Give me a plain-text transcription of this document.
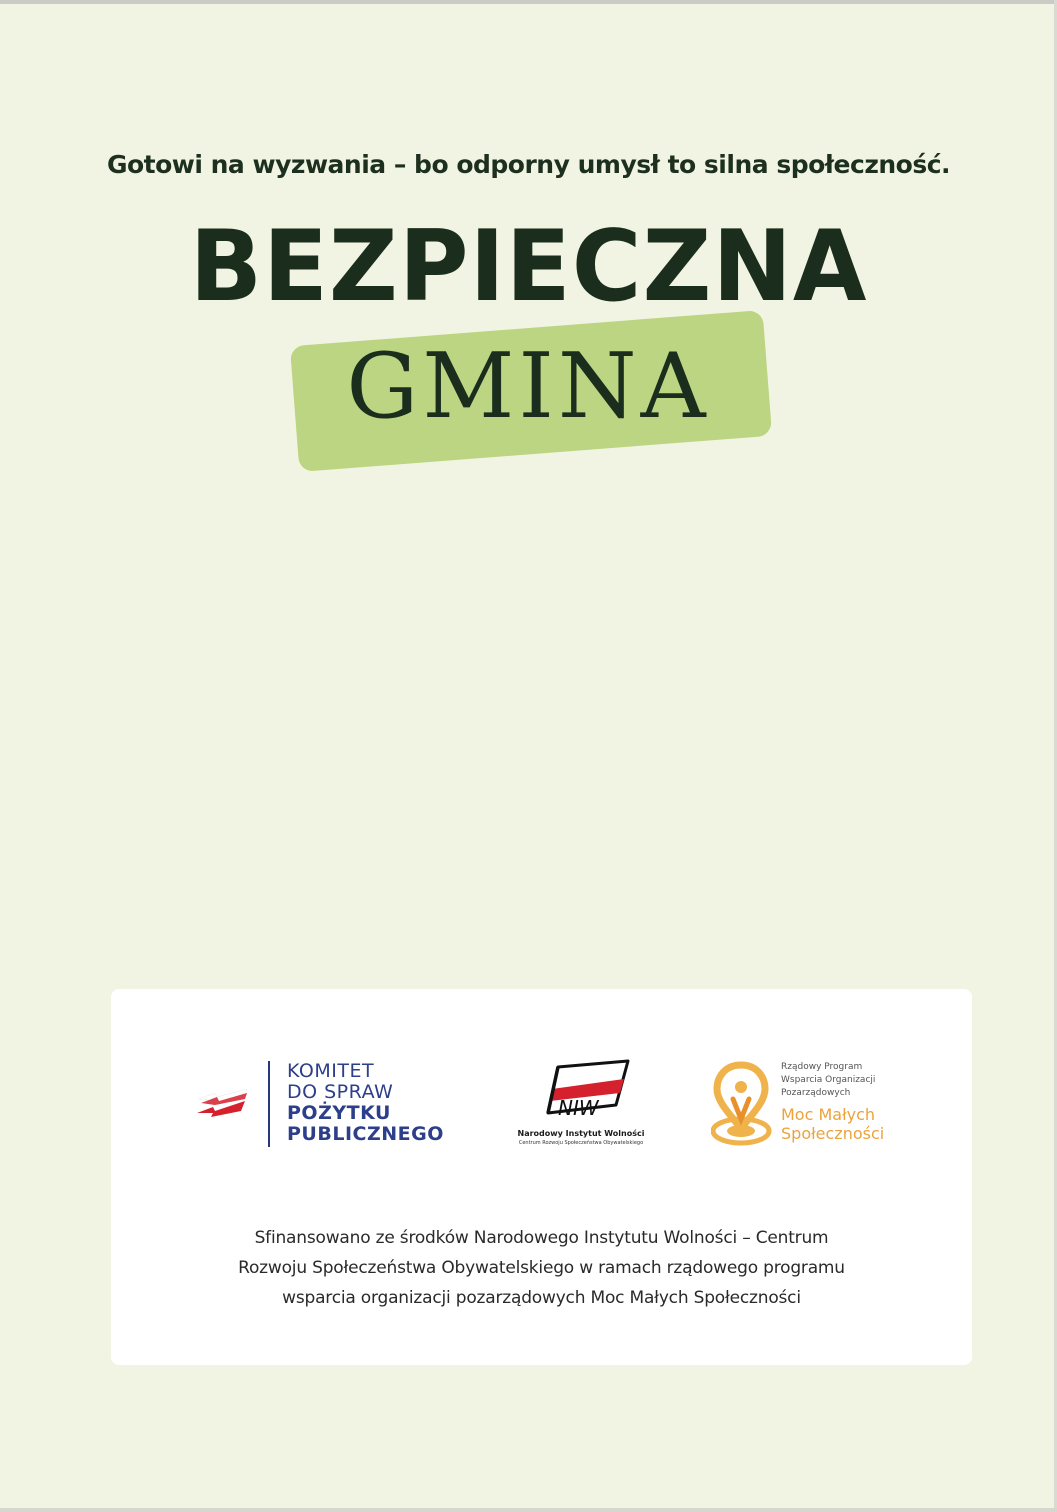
Gotowi na wyzwania – bo odporny umysł to silna społeczność.
BEZPIECZNA
GMINA
KOMITET
DO SPRAW
POŻYTKU
PUBLICZNEGO
NIW
Narodowy Instytut Wolności
Centrum Rozwoju Społeczeństwa Obywatelskiego
Rządowy Program
Wsparcia Organizacji
Pozarządowych
Moc Małych
Społeczności
Sfinansowano ze środków Narodowego Instytutu Wolności – Centrum
Rozwoju Społeczeństwa Obywatelskiego w ramach rządowego programu
wsparcia organizacji pozarządowych Moc Małych Społeczności
